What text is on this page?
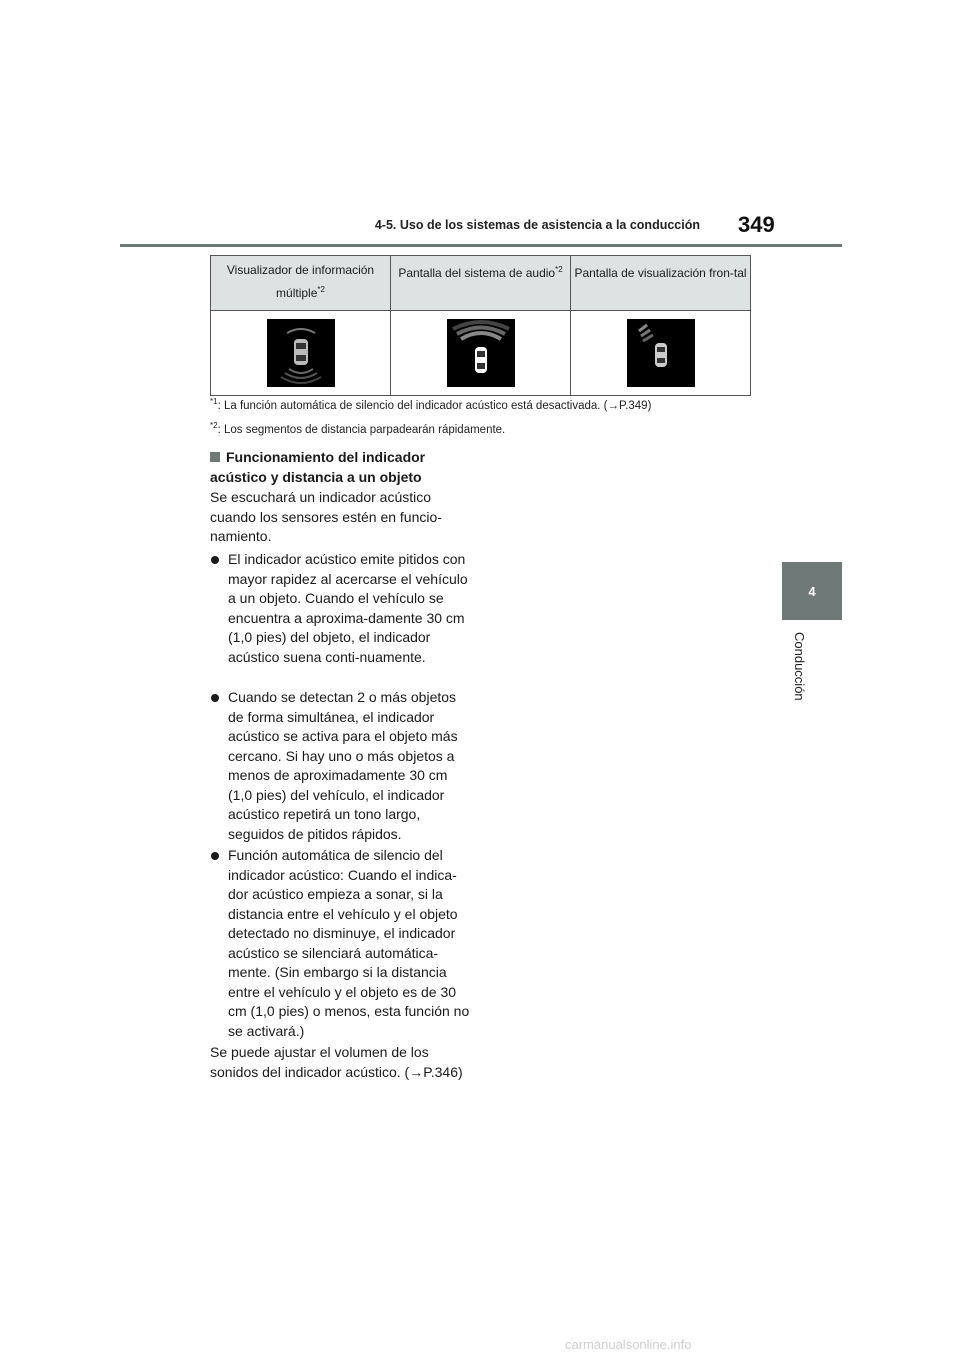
4-5. Uso de los sistemas de asistencia a la conducción 349
4
Conducción
Visualizador de información múltiple$^{*2}$	Pantalla del sistema de audio$^{*2}$	Pantalla de visualización fron-tal

$^{*1}$: La función automática de silencio del indicador acústico está desactivada. (→P.349)
$^{*2}$: Los segmentos de distancia parpadearán rápidamente.
Funcionamiento del indicador acústico y distancia a un objeto
Se escuchará un indicador acústico cuando los sensores estén en funcio-namiento.
El indicador acústico emite pitidos con mayor rapidez al acercarse el vehículo a un objeto. Cuando el vehículo se encuentra a aproxima-damente 30 cm (1,0 pies) del objeto, el indicador acústico suena conti-nuamente.
Cuando se detectan 2 o más objetos de forma simultánea, el indicador acústico se activa para el objeto más cercano. Si hay uno o más objetos a menos de aproximadamente 30 cm (1,0 pies) del vehículo, el indicador acústico repetirá un tono largo, seguidos de pitidos rápidos.
Función automática de silencio del indicador acústico: Cuando el indica-dor acústico empieza a sonar, si la distancia entre el vehículo y el objeto detectado no disminuye, el indicador acústico se silenciará automática-mente. (Sin embargo si la distancia entre el vehículo y el objeto es de 30 cm (1,0 pies) o menos, esta función no se activará.)
Se puede ajustar el volumen de los sonidos del indicador acústico. (→P.346)
carmanualsonline.info
